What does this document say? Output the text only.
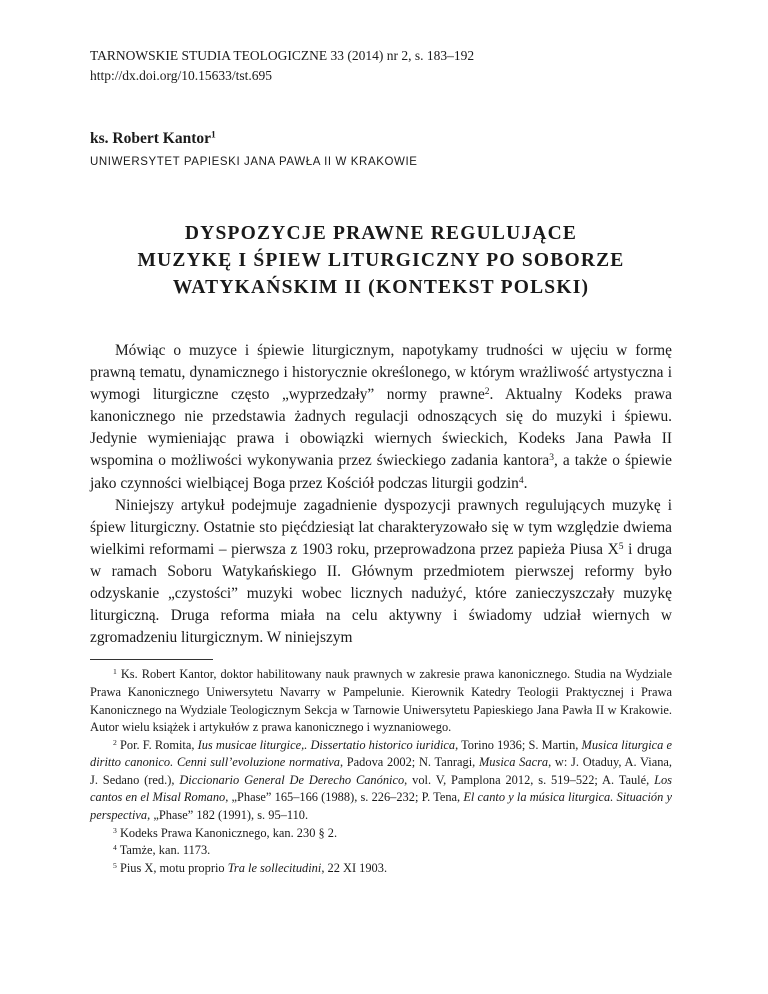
TARNOWSKIE STUDIA TEOLOGICZNE 33 (2014) nr 2, s. 183–192
http://dx.doi.org/10.15633/tst.695
ks. Robert Kantor$^1$
UNIWERSYTET PAPIESKI JANA PAWŁA II W KRAKOWIE
DYSPOZYCJE PRAWNE REGULUJĄCE
MUZYKĘ I ŚPIEW LITURGICZNY PO SOBORZE
WATYKAŃSKIM II (KONTEKST POLSKI)

Mówiąc o muzyce i śpiewie liturgicznym, napotykamy trudności w ujęciu w formę prawną tematu, dynamicznego i historycznie określonego, w którym wrażliwość artystyczna i wymogi liturgiczne często „wyprzedzały” normy prawne$^2$. Aktualny Kodeks prawa kanonicznego nie przedstawia żadnych regulacji odnoszących się do muzyki i śpiewu. Jedynie wymieniając prawa i obowiązki wiernych świeckich, Kodeks Jana Pawła II wspomina o możliwości wykonywania przez świeckiego zadania kantora$^3$, a także o śpiewie jako czynności wielbiącej Boga przez Kościół podczas liturgii godzin$^4$.

Niniejszy artykuł podejmuje zagadnienie dyspozycji prawnych regulujących muzykę i śpiew liturgiczny. Ostatnie sto pięćdziesiąt lat charakteryzowało się w tym względzie dwiema wielkimi reformami – pierwsza z 1903 roku, przeprowadzona przez papieża Piusa $X^5$ i druga w ramach Soboru Watykańskiego II. Głównym przedmiotem pierwszej reformy było odzyskanie „czystości” muzyki wobec licznych nadużyć, które zanieczyszczały muzykę liturgiczną. Druga reforma miała na celu aktywny i świadomy udział wiernych w zgromadzeniu liturgicznym. W niniejszym

$^1$ Ks. Robert Kantor, doktor habilitowany nauk prawnych w zakresie prawa kanonicznego. Studia na Wydziale Prawa Kanonicznego Uniwersytetu Navarry w Pampelunie. Kierownik Katedry Teologii Praktycznej i Prawa Kanonicznego na Wydziale Teologicznym Sekcja w Tarnowie Uniwersytetu Papieskiego Jana Pawła II w Krakowie. Autor wielu książek i artykułów z prawa kanonicznego i wyznaniowego.

$^2$ Por. F. Romita, Ius musicae liturgice,. Dissertatio historico iuridica, Torino 1936; S. Martin, Musica liturgica e diritto canonico. Cenni sull’evoluzione normativa, Padova 2002; N. Tanragi, Musica Sacra, w: J. Otaduy, A. Viana, J. Sedano (red.), Diccionario General De Derecho Canónico, vol. V, Pamplona 2012, s. 519–522; A. Taulé, Los cantos en el Misal Romano, „Phase” 165–166 (1988), s. 226–232; P. Tena, El canto y la música liturgica. Situación y perspectiva, „Phase” 182 (1991), s. 95–110.

$^3$ Kodeks Prawa Kanonicznego, kan. 230 § 2.

$^4$ Tamże, kan. 1173.

$^5$ Pius X, motu proprio Tra le sollecitudini, 22 XI 1903.
